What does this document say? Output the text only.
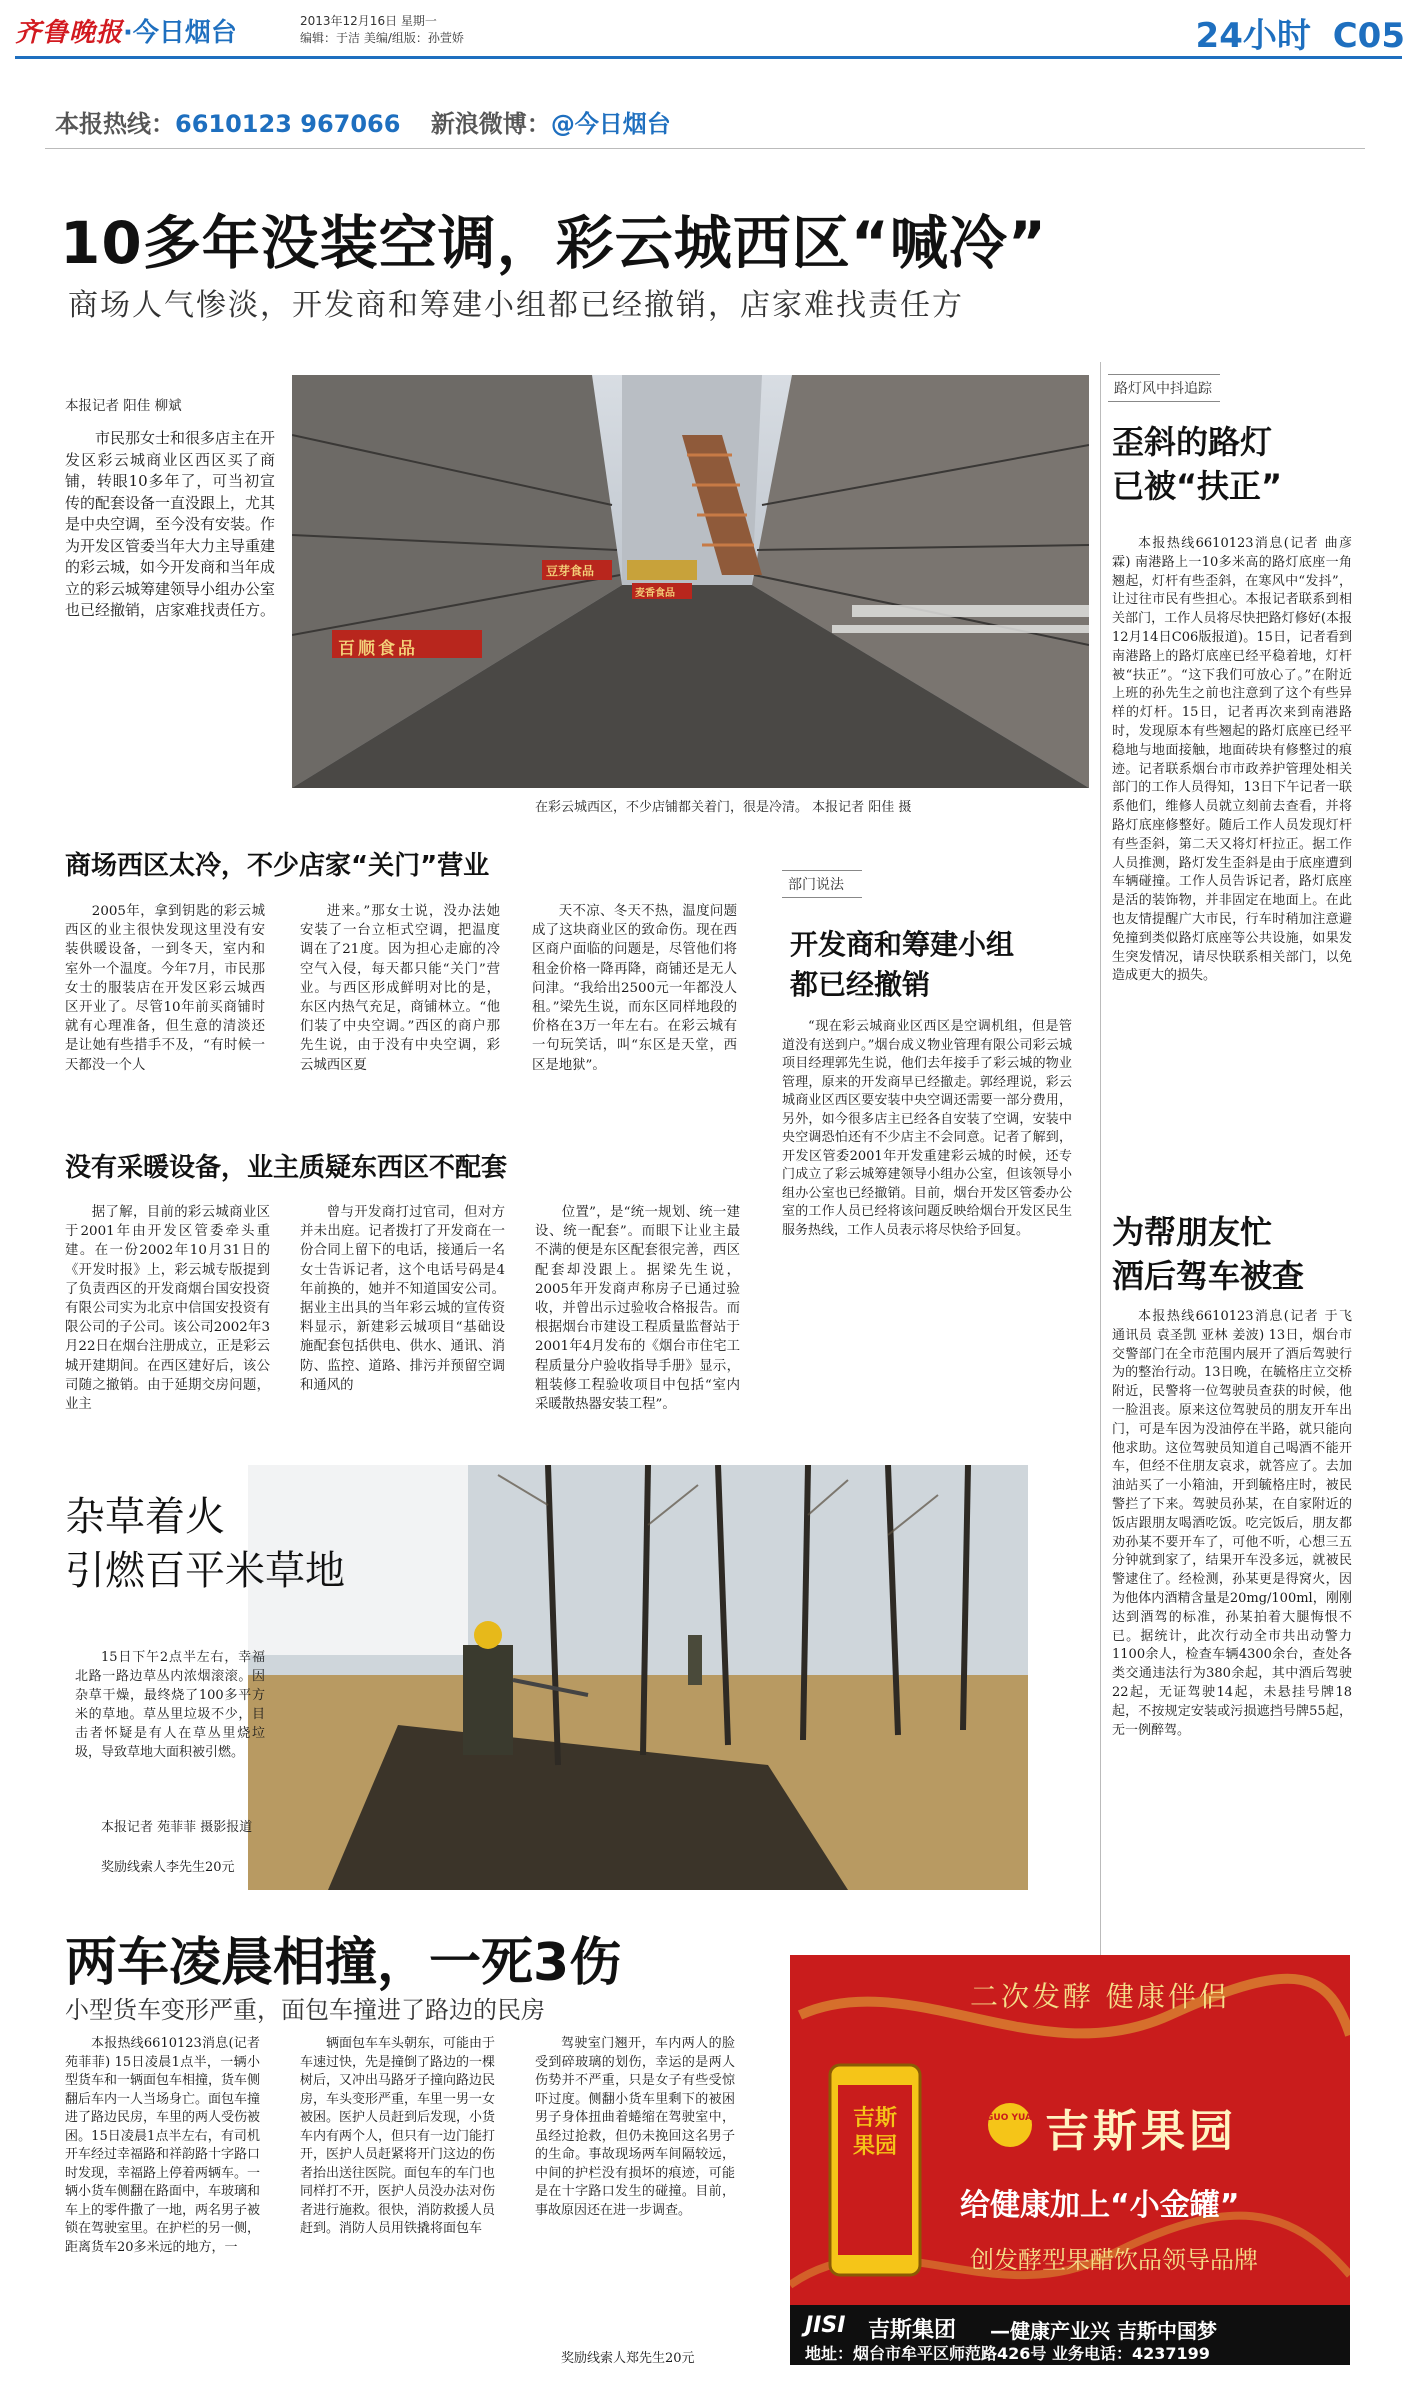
齐鲁晚报·今日烟台	2013年12月16日 星期一
编辑：于洁 美编/组版：孙萱娇	24小时 C05
本报热线：6610123 967066 新浪微博：@今日烟台
10多年没装空调，彩云城西区“喊冷”
商场人气惨淡，开发商和筹建小组都已经撤销，店家难找责任方
本报记者 阳佳 柳斌
市民那女士和很多店主在开发区彩云城商业区西区买了商铺，转眼10多年了，可当初宣传的配套设备一直没跟上，尤其是中央空调，至今没有安装。作为开发区管委当年大力主导重建的彩云城，如今开发商和当年成立的彩云城筹建领导小组办公室也已经撤销，店家难找责任方。
百顺食品
豆芽食品
麦香食品
在彩云城西区，不少店铺都关着门，很是冷清。 本报记者 阳佳 摄
商场西区太冷，不少店家“关门”营业
2005年，拿到钥匙的彩云城西区的业主很快发现这里没有安装供暖设备，一到冬天，室内和室外一个温度。今年7月，市民那女士的服装店在开发区彩云城西区开业了。尽管10年前买商铺时就有心理准备，但生意的清淡还是让她有些措手不及，“有时候一天都没一个人
进来。”那女士说，没办法她安装了一台立柜式空调，把温度调在了21度。因为担心走廊的冷空气入侵，每天都只能“关门”营业。与西区形成鲜明对比的是，东区内热气充足，商铺林立。“他们装了中央空调。”西区的商户那先生说，由于没有中央空调，彩云城西区夏
天不凉、冬天不热，温度问题成了这块商业区的致命伤。现在西区商户面临的问题是，尽管他们将租金价格一降再降，商铺还是无人问津。“我给出2500元一年都没人租。”梁先生说，而东区同样地段的价格在3万一年左右。在彩云城有一句玩笑话，叫“东区是天堂，西区是地狱”。
没有采暖设备，业主质疑东西区不配套
据了解，目前的彩云城商业区于2001年由开发区管委牵头重建。在一份2002年10月31日的《开发时报》上，彩云城专版提到了负责西区的开发商烟台国安投资有限公司实为北京中信国安投资有限公司的子公司。该公司2002年3月22日在烟台注册成立，正是彩云城开建期间。在西区建好后，该公司随之撤销。由于延期交房问题，业主
曾与开发商打过官司，但对方并未出庭。记者拨打了开发商在一份合同上留下的电话，接通后一名女士告诉记者，这个电话号码是4年前换的，她并不知道国安公司。据业主出具的当年彩云城的宣传资料显示，新建彩云城项目“基础设施配套包括供电、供水、通讯、消防、监控、道路、排污并预留空调和通风的
位置”，是“统一规划、统一建设、统一配套”。而眼下让业主最不满的便是东区配套很完善，西区配套却没跟上。据梁先生说，2005年开发商声称房子已通过验收，并曾出示过验收合格报告。而根据烟台市建设工程质量监督站于2001年4月发布的《烟台市住宅工程质量分户验收指导手册》显示，粗装修工程验收项目中包括“室内采暖散热器安装工程”。
部门说法
开发商和筹建小组
都已经撤销
“现在彩云城商业区西区是空调机组，但是管道没有送到户。”烟台成义物业管理有限公司彩云城项目经理郭先生说，他们去年接手了彩云城的物业管理，原来的开发商早已经撤走。郭经理说，彩云城商业区西区要安装中央空调还需要一部分费用，另外，如今很多店主已经各自安装了空调，安装中央空调恐怕还有不少店主不会同意。记者了解到，开发区管委2001年开发重建彩云城的时候，还专门成立了彩云城筹建领导小组办公室，但该领导小组办公室也已经撤销。目前，烟台开发区管委办公室的工作人员已经将该问题反映给烟台开发区民生服务热线，工作人员表示将尽快给予回复。
路灯风中抖追踪
歪斜的路灯
已被“扶正”
本报热线6610123消息(记者 曲彦霖) 南港路上一10多米高的路灯底座一角翘起，灯杆有些歪斜，在寒风中“发抖”，让过往市民有些担心。本报记者联系到相关部门，工作人员将尽快把路灯修好(本报12月14日C06版报道)。15日，记者看到南港路上的路灯底座已经平稳着地，灯杆被“扶正”。“这下我们可放心了。”在附近上班的孙先生之前也注意到了这个有些异样的灯杆。15日，记者再次来到南港路时，发现原本有些翘起的路灯底座已经平稳地与地面接触，地面砖块有修整过的痕迹。记者联系烟台市市政养护管理处相关部门的工作人员得知，13日下午记者一联系他们，维修人员就立刻前去查看，并将路灯底座修整好。随后工作人员发现灯杆有些歪斜，第二天又将灯杆拉正。据工作人员推测，路灯发生歪斜是由于底座遭到车辆碰撞。工作人员告诉记者，路灯底座是活的装饰物，并非固定在地面上。在此也友情提醒广大市民，行车时稍加注意避免撞到类似路灯底座等公共设施，如果发生突发情况，请尽快联系相关部门，以免造成更大的损失。
为帮朋友忙
酒后驾车被查
本报热线6610123消息(记者 于飞 通讯员 袁圣凯 亚林 姜波) 13日，烟台市交警部门在全市范围内展开了酒后驾驶行为的整治行动。13日晚，在毓格庄立交桥附近，民警将一位驾驶员查获的时候，他一脸沮丧。原来这位驾驶员的朋友开车出门，可是车因为没油停在半路，就只能向他求助。这位驾驶员知道自己喝酒不能开车，但经不住朋友哀求，就答应了。去加油站买了一小箱油，开到毓格庄时，被民警拦了下来。驾驶员孙某，在自家附近的饭店跟朋友喝酒吃饭。吃完饭后，朋友都劝孙某不要开车了，可他不听，心想三五分钟就到家了，结果开车没多远，就被民警逮住了。经检测，孙某更是得窝火，因为他体内酒精含量是20mg/100ml，刚刚达到酒驾的标准，孙某拍着大腿悔恨不已。据统计，此次行动全市共出动警力1100余人，检查车辆4300余台，查处各类交通违法行为380余起，其中酒后驾驶22起，无证驾驶14起，未悬挂号牌18起，不按规定安装或污损遮挡号牌55起，无一例醉驾。
杂草着火
引燃百平米草地
15日下午2点半左右，幸福北路一路边草丛内浓烟滚滚。因杂草干燥，最终烧了100多平方米的草地。草丛里垃圾不少，目击者怀疑是有人在草丛里烧垃圾，导致草地大面积被引燃。
本报记者 苑菲菲 摄影报道
奖励线索人李先生20元
两车凌晨相撞，一死3伤
小型货车变形严重，面包车撞进了路边的民房
本报热线6610123消息(记者 苑菲菲) 15日凌晨1点半，一辆小型货车和一辆面包车相撞，货车侧翻后车内一人当场身亡。面包车撞进了路边民房，车里的两人受伤被困。15日凌晨1点半左右，有司机开车经过幸福路和祥韵路十字路口时发现，幸福路上停着两辆车。一辆小货车侧翻在路面中，车玻璃和车上的零件撒了一地，两名男子被锁在驾驶室里。在护栏的另一侧，距离货车20多米远的地方，一
辆面包车车头朝东，可能由于车速过快，先是撞倒了路边的一棵树后，又冲出马路牙子撞向路边民房，车头变形严重，车里一男一女被困。医护人员赶到后发现，小货车内有两个人，但只有一边门能打开，医护人员赶紧将开门这边的伤者抬出送往医院。面包车的车门也同样打不开，医护人员没办法对伤者进行施救。很快，消防救援人员赶到。消防人员用铁撬将面包车
驾驶室门翘开，车内两人的脸受到碎玻璃的划伤，幸运的是两人伤势并不严重，只是女子有些受惊吓过度。侧翻小货车里剩下的被困男子身体扭曲着蜷缩在驾驶室中，虽经过抢救，但仍未挽回这名男子的生命。事故现场两车间隔较远，中间的护栏没有损坏的痕迹，可能是在十字路口发生的碰撞。目前，事故原因还在进一步调查。
奖励线索人郑先生20元
二次发酵 健康伴侣
GUO YUAN 吉斯果园
吉斯果园
给健康加上“小金罐”
创发酵型果醋饮品领导品牌
JISI 吉斯集团 —健康产业兴 吉斯中国梦
地址：烟台市牟平区师范路426号 业务电话：4237199
